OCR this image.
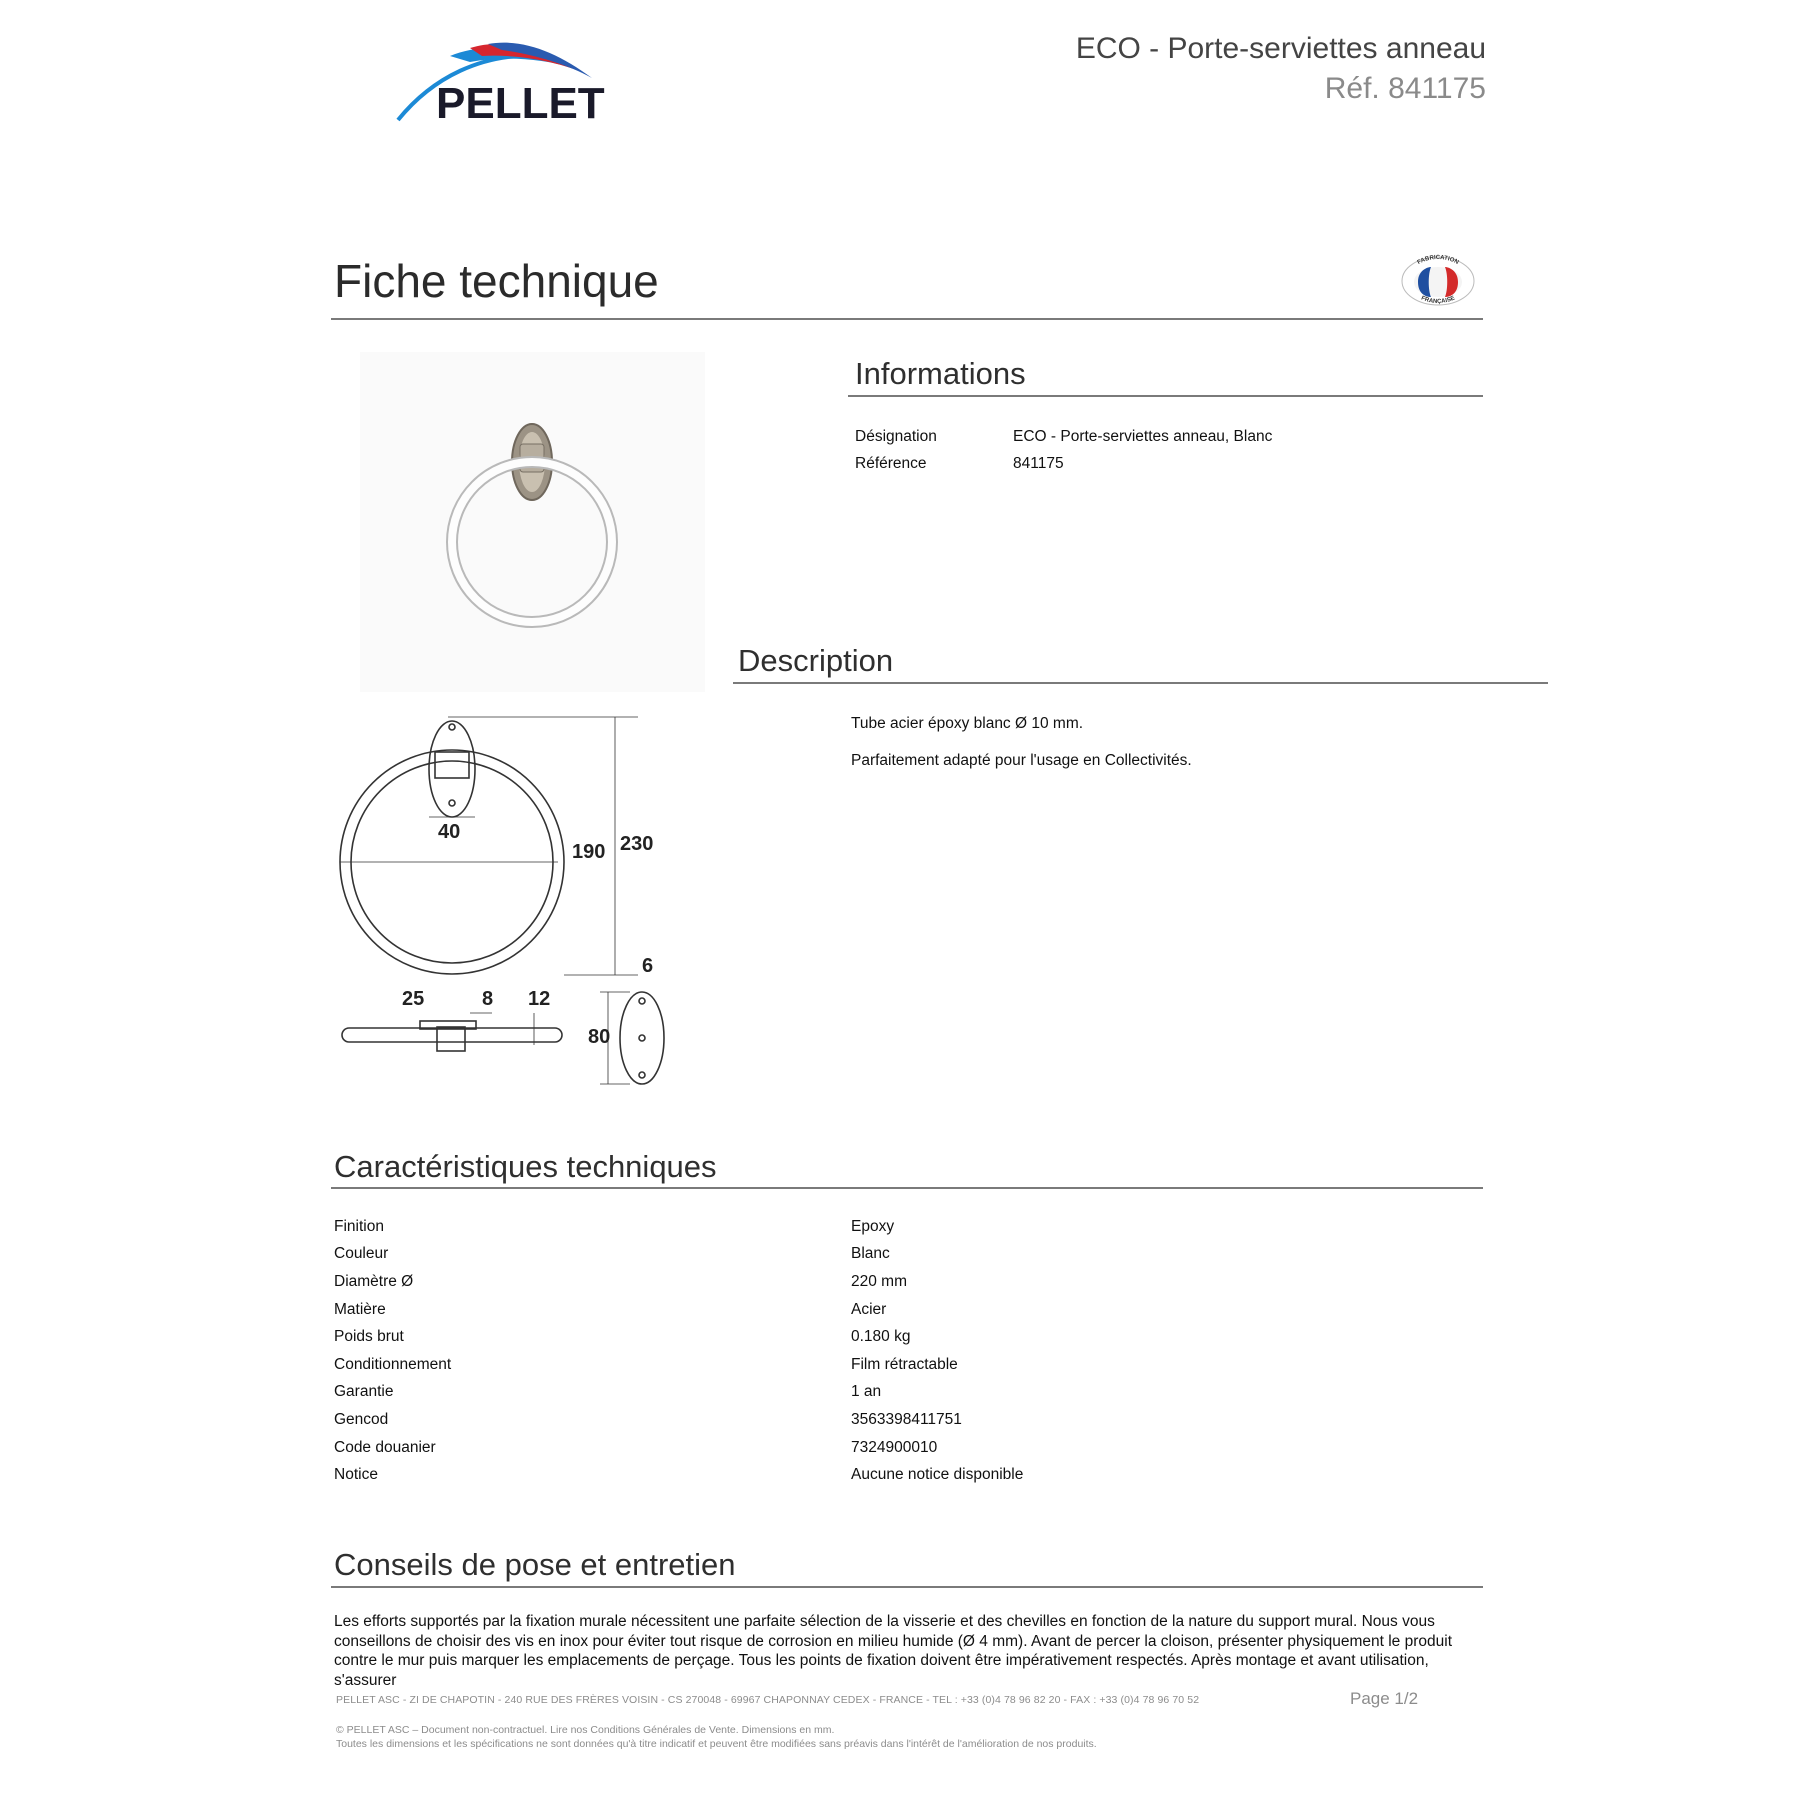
PELLET
ECO - Porte-serviettes anneau
Réf. 841175
Fiche technique	FABRICATION
FRANÇAISE
Informations
Désignation	ECO - Porte-serviettes anneau, Blanc
Référence	841175
Description
Tube acier époxy blanc Ø 10 mm.
Parfaitement adapté pour l'usage en Collectivités.
40
190 230
6
25	8 12
80
Caractéristiques techniques
Finition	Epoxy
Couleur	Blanc
Diamètre Ø	220 mm
Matière	Acier
Poids brut	0.180 kg
Conditionnement	Film rétractable
Garantie	1 an
Gencod	3563398411751
Code douanier	7324900010
Notice	Aucune notice disponible
Conseils de pose et entretien
Les efforts supportés par la fixation murale nécessitent une parfaite sélection de la visserie et des chevilles en fonction de la nature du support mural. Nous vous conseillons de choisir des vis en inox pour éviter tout risque de corrosion en milieu humide (Ø 4 mm). Avant de percer la cloison, présenter physiquement le produit contre le mur puis marquer les emplacements de perçage. Tous les points de fixation doivent être impérativement respectés. Après montage et avant utilisation, s'assurer
PELLET ASC - ZI DE CHAPOTIN - 240 RUE DES FRÈRES VOISIN - CS 270048 - 69967 CHAPONNAY CEDEX - FRANCE - TEL : +33 (0)4 78 96 82 20 - FAX : +33 (0)4 78 96 70 52	Page 1/2
© PELLET ASC – Document non-contractuel. Lire nos Conditions Générales de Vente. Dimensions en mm.
Toutes les dimensions et les spécifications ne sont données qu'à titre indicatif et peuvent être modifiées sans préavis dans l'intérêt de l'amélioration de nos produits.
